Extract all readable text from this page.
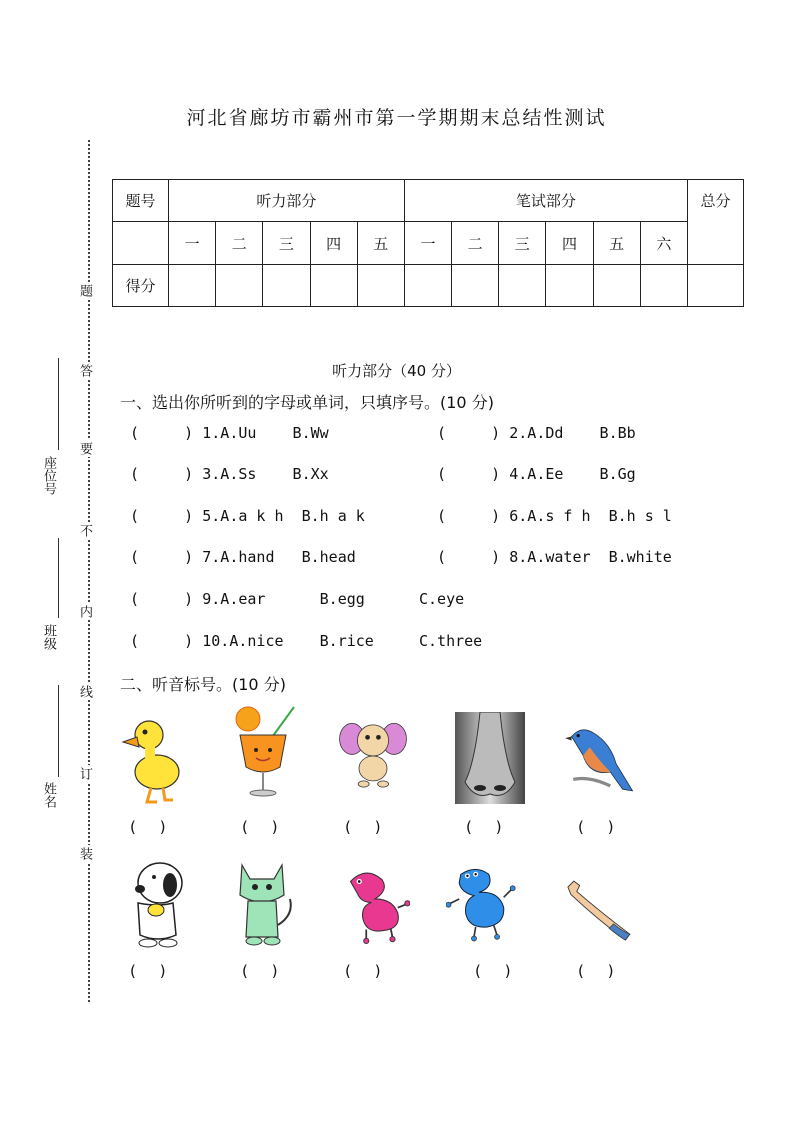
河北省廊坊市霸州市第一学期期末总结性测试
题
答
要
不
内
线
订
装
座位号
班级
姓名
题号	听力部分					笔试部分						总分
	一	二	三	四	五	一	二	三	四	五	六	
得分												
听力部分（40 分）
一、选出你所听到的字母或单词，只填序号。(10 分)
(     ) 1.A.Uu    B.Ww	(     ) 2.A.Dd    B.Bb
(     ) 3.A.Ss    B.Xx	(     ) 4.A.Ee    B.Gg
(     ) 5.A.a k h  B.h a k	(     ) 6.A.s f h  B.h s l
(     ) 7.A.hand   B.head	(     ) 8.A.water  B.white
(     ) 9.A.ear      B.egg      C.eye
(     ) 10.A.nice    B.rice     C.three
二、听音标号。(10 分)
(     )	(     )	(     )	(     )	(     )
(     )	(     )	(     )	(     )	(     )
